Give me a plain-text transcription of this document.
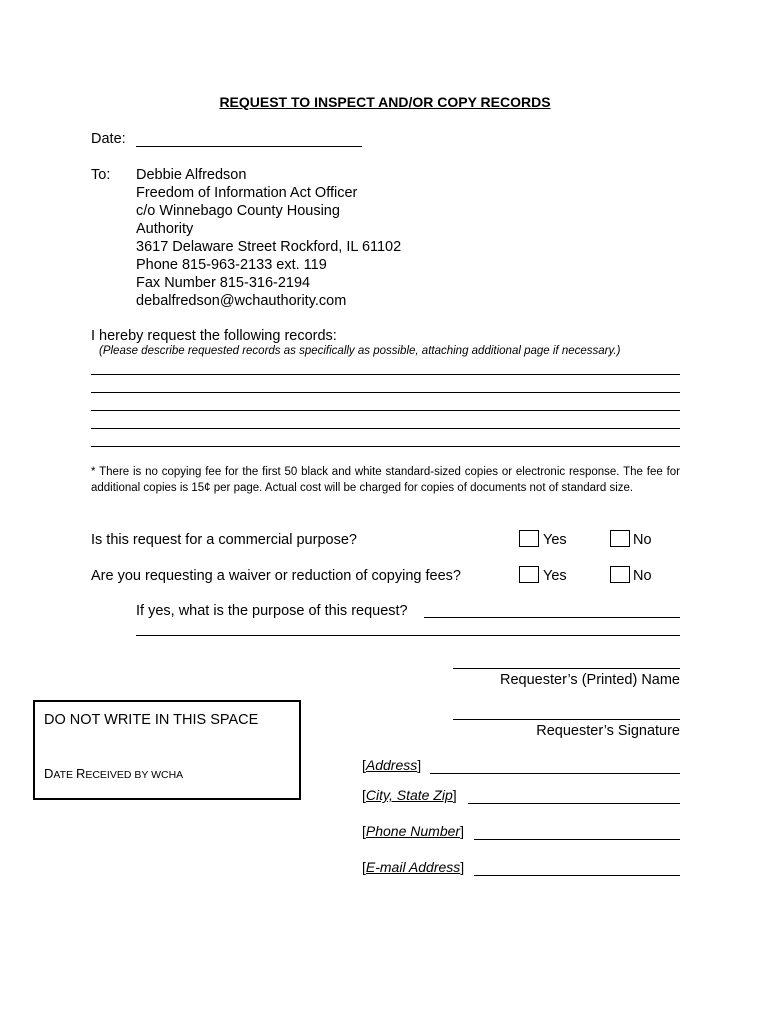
REQUEST TO INSPECT AND/OR COPY RECORDS
Date:
To: Debbie Alfredson
Freedom of Information Act Officer
c/o Winnebago County Housing
Authority
3617 Delaware Street Rockford, IL 61102
Phone 815-963-2133 ext. 119
Fax Number 815-316-2194
debalfredson@wchauthority.com
I hereby request the following records:
(Please describe requested records as specifically as possible, attaching additional page if necessary.)
* There is no copying fee for the first 50 black and white standard-sized copies or electronic response. The fee for additional copies is 15¢ per page. Actual cost will be charged for copies of documents not of standard size.
Is this request for a commercial purpose?	Yes	No
Are you requesting a waiver or reduction of copying fees?	Yes	No
If yes, what is the purpose of this request?
Requester’s (Printed) Name
Requester’s Signature
DO NOT WRITE IN THIS SPACE
DATE RECEIVED BY WCHA
[Address]
[City, State Zip]
[Phone Number]
[E-mail Address]
